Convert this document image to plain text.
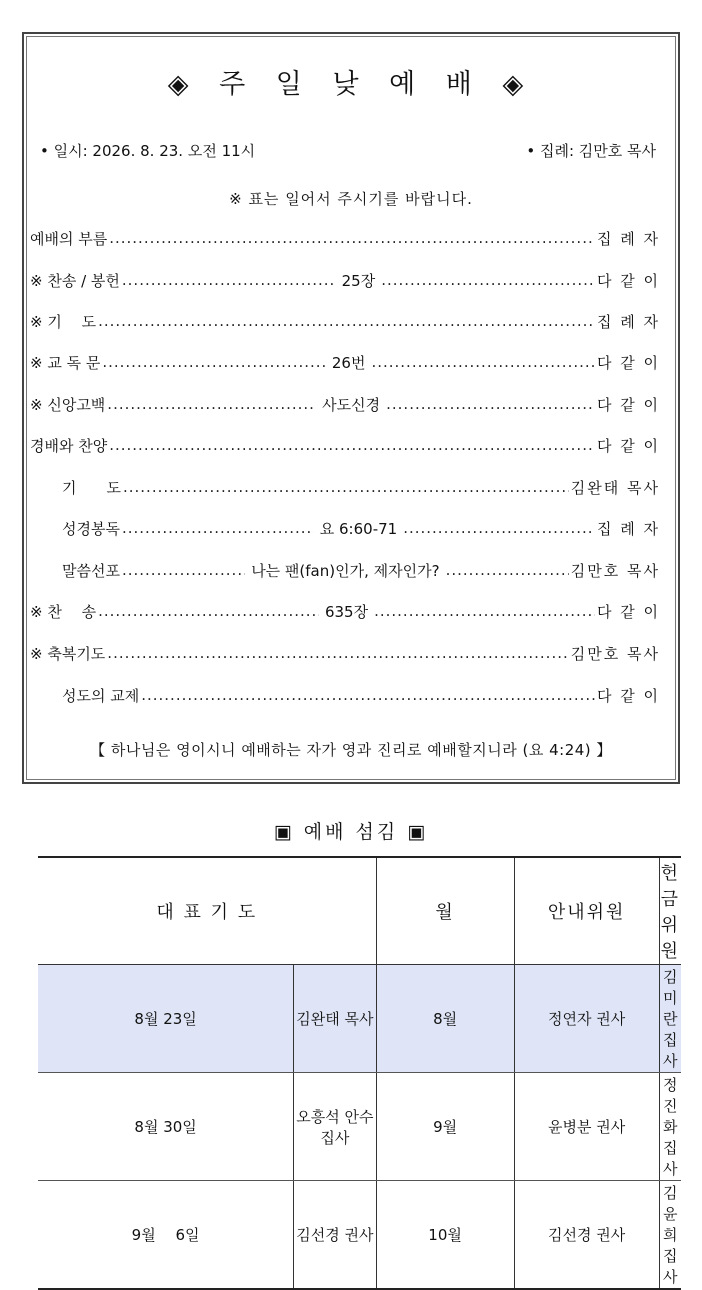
◈ 주 일 낮 예 배 ◈
• 일시: 2026. 8. 23. 오전 11시	• 집례: 김만호 목사
※ 표는 일어서 주시기를 바랍니다.
예배의 부름 .....	집 례 자
※ 찬송 / 봉헌 .....	25장 .....	다 같 이
※ 기　 도 .....	집 례 자
※ 교 독 문 .....	26번 .....	다 같 이
※ 신앙고백 .....	사도신경 .....	다 같 이
경배와 찬양 .....	다 같 이
기　　도 .....	김완태 목사
성경봉독 .....	요 6:60-71 .....	집 례 자
말씀선포 .....	나는 팬(fan)인가, 제자인가? .....	김만호 목사
※ 찬　 송 .....	635장 .....	다 같 이
※ 축복기도 .....	김만호 목사
성도의 교제 .....	다 같 이
【 하나님은 영이시니 예배하는 자가 영과 진리로 예배할지니라 (요 4:24) 】
▣ 예배 섬김 ▣
대 표 기 도		월	안내위원	헌금위원
8월 23일	김완태 목사	8월	정연자 권사	김미란 집사
8월 30일	오흥석 안수집사	9월	윤병분 권사	정진화 집사
9월　 6일	김선경 권사	10월	김선경 권사	김윤희 집사
